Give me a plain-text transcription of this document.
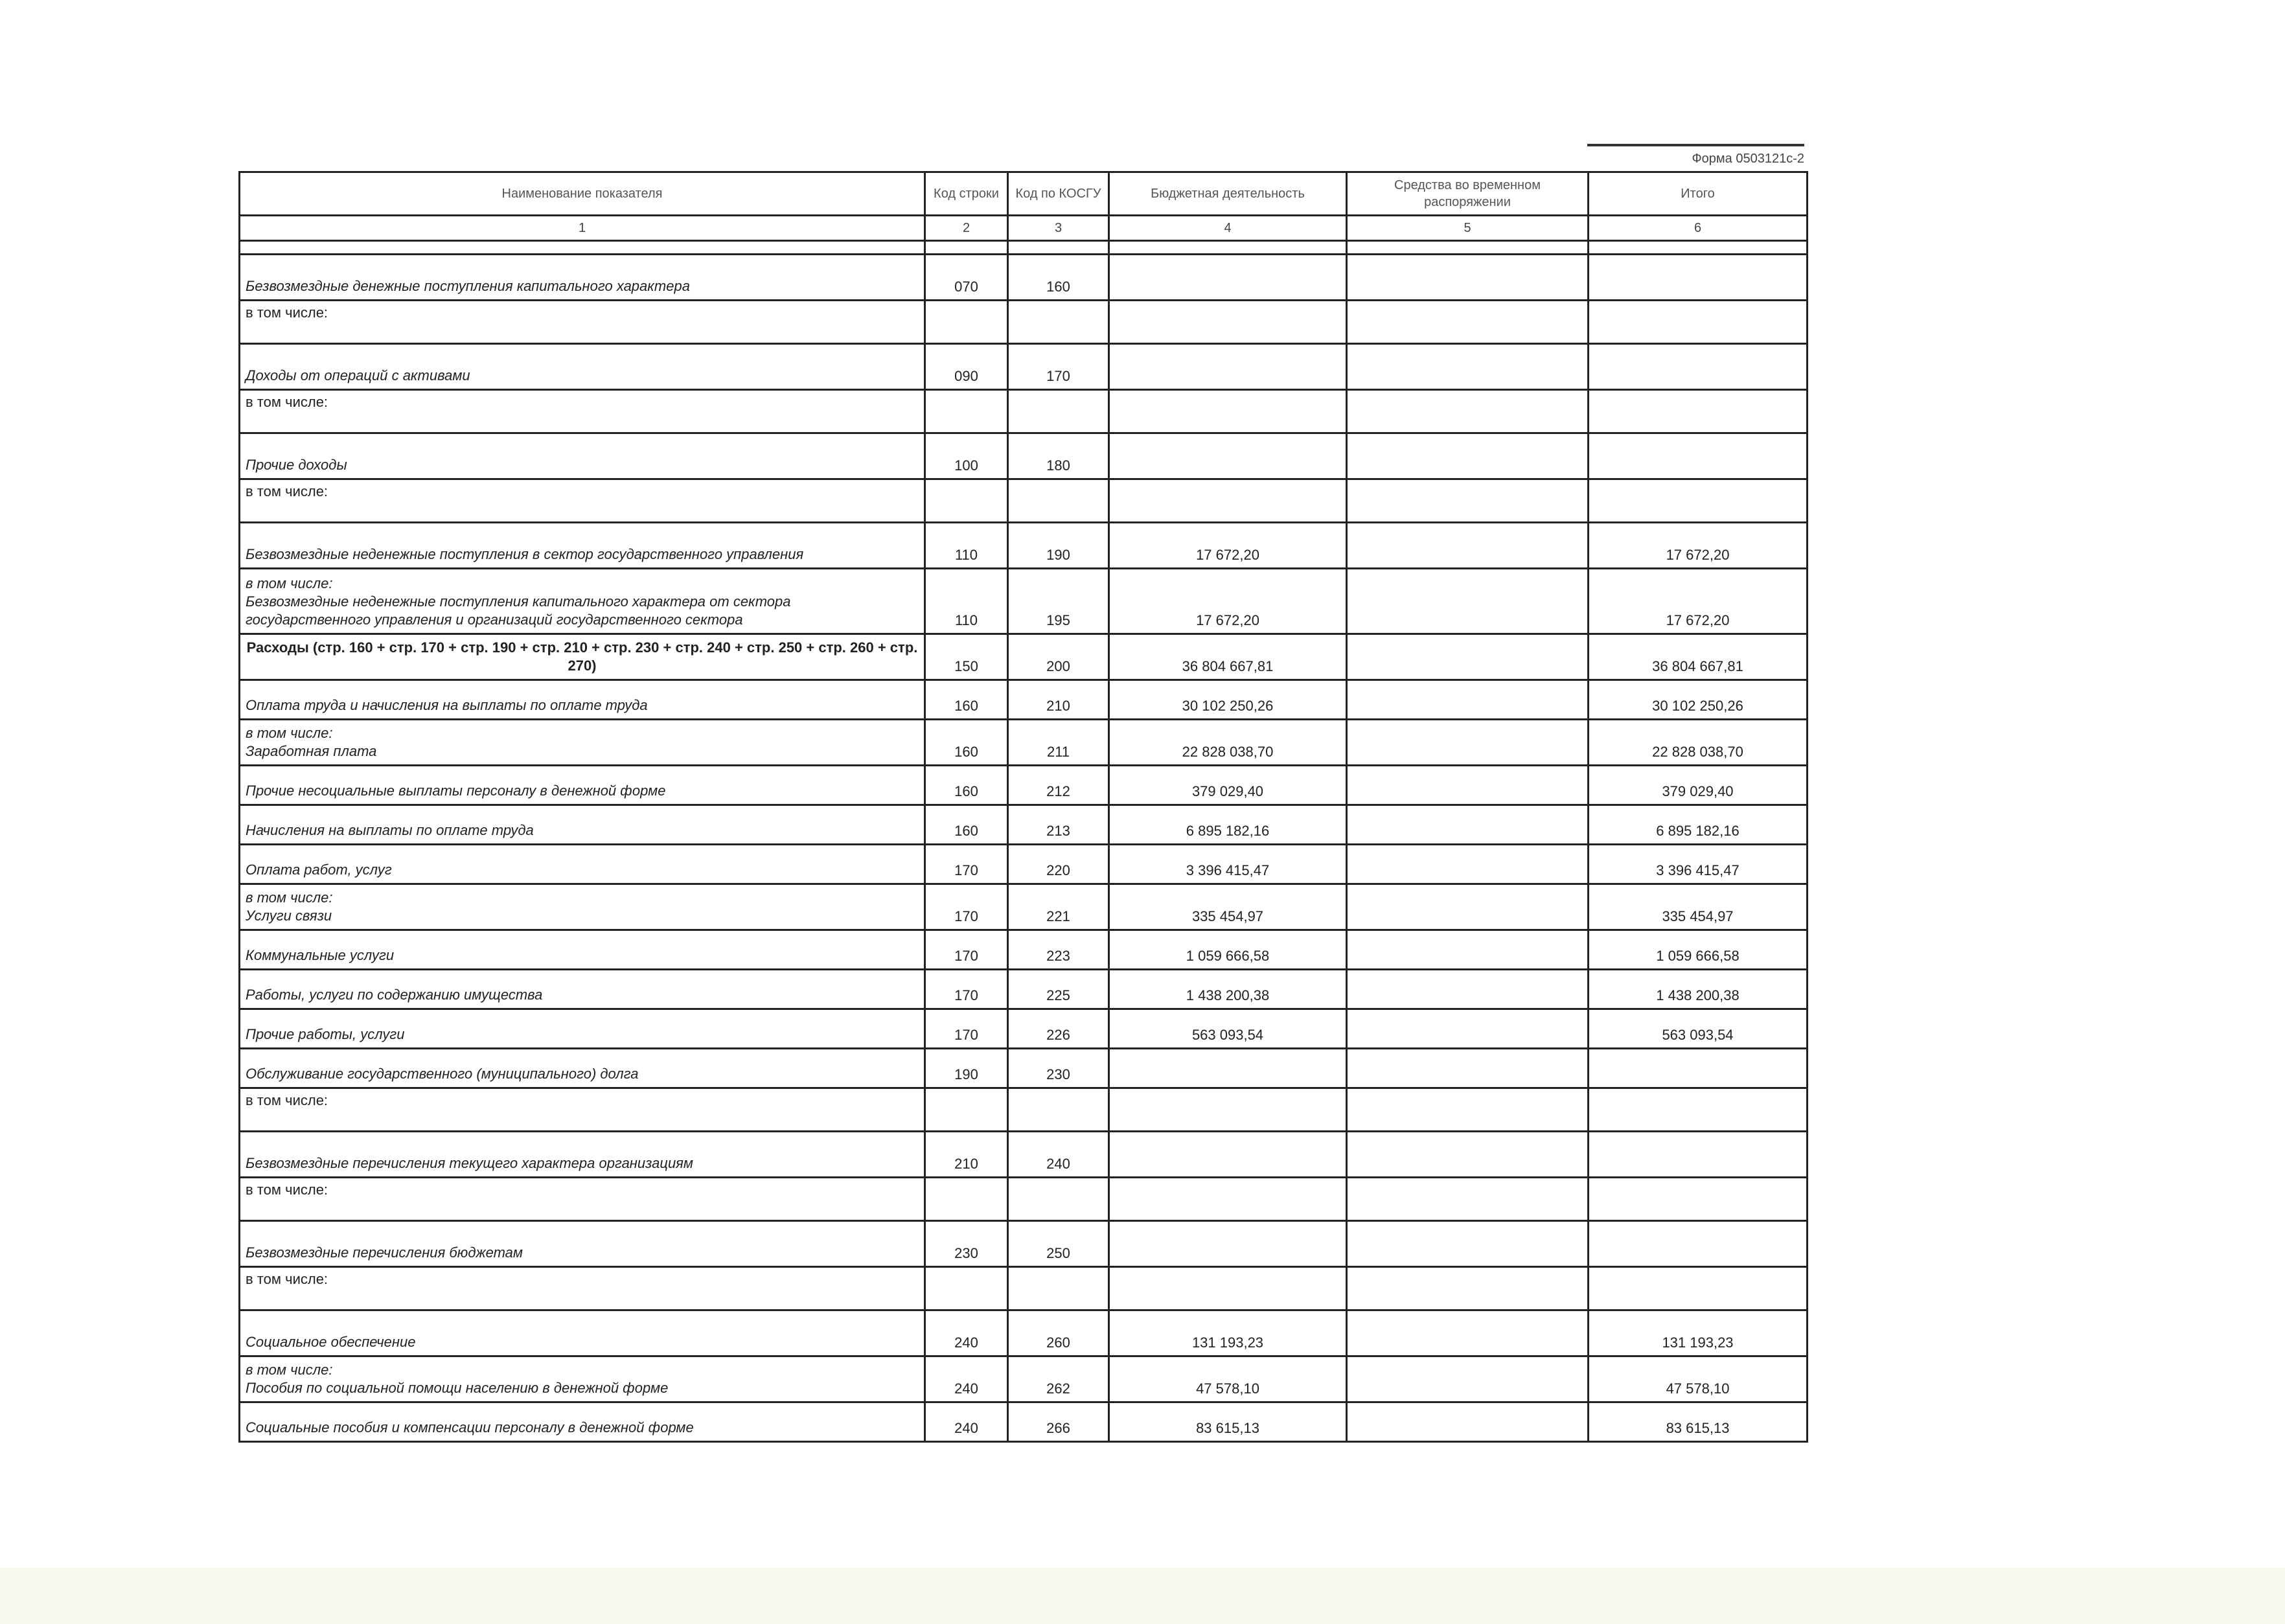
Форма 0503121с-2
Наименование показателя	Код строки	Код по КОСГУ	Бюджетная деятельность	Средства во временном распоряжении	Итого
1	2	3	4	5	6

Безвозмездные денежные поступления капитального характера	070	160			
в том числе:					
Доходы от операций с активами	090	170			
в том числе:					
Прочие доходы	100	180			
в том числе:					
Безвозмездные неденежные поступления в сектор государственного управления	110	190	17 672,20		17 672,20

в том числе:
Безвозмездные неденежные поступления капитального характера от сектора государственного управления и организаций государственного сектора	110	195	17 672,20		17 672,20
Расходы (стр. 160 + стр. 170 + стр. 190 + стр. 210 + стр. 230 + стр. 240 + стр. 250 + стр. 260 + стр. 270)	150	200	36 804 667,81		36 804 667,81
Оплата труда и начисления на выплаты по оплате труда	160	210	30 102 250,26		30 102 250,26

в том числе:
Заработная плата	160	211	22 828 038,70		22 828 038,70
Прочие несоциальные выплаты персоналу в денежной форме	160	212	379 029,40		379 029,40
Начисления на выплаты по оплате труда	160	213	6 895 182,16		6 895 182,16
Оплата работ, услуг	170	220	3 396 415,47		3 396 415,47

в том числе:
Услуги связи	170	221	335 454,97		335 454,97
Коммунальные услуги	170	223	1 059 666,58		1 059 666,58
Работы, услуги по содержанию имущества	170	225	1 438 200,38		1 438 200,38
Прочие работы, услуги	170	226	563 093,54		563 093,54
Обслуживание государственного (муниципального) долга	190	230			
в том числе:					
Безвозмездные перечисления текущего характера организациям	210	240			
в том числе:					
Безвозмездные перечисления бюджетам	230	250			
в том числе:					
Социальное обеспечение	240	260	131 193,23		131 193,23

в том числе:
Пособия по социальной помощи населению в денежной форме	240	262	47 578,10		47 578,10
Социальные пособия и компенсации персоналу в денежной форме	240	266	83 615,13		83 615,13
